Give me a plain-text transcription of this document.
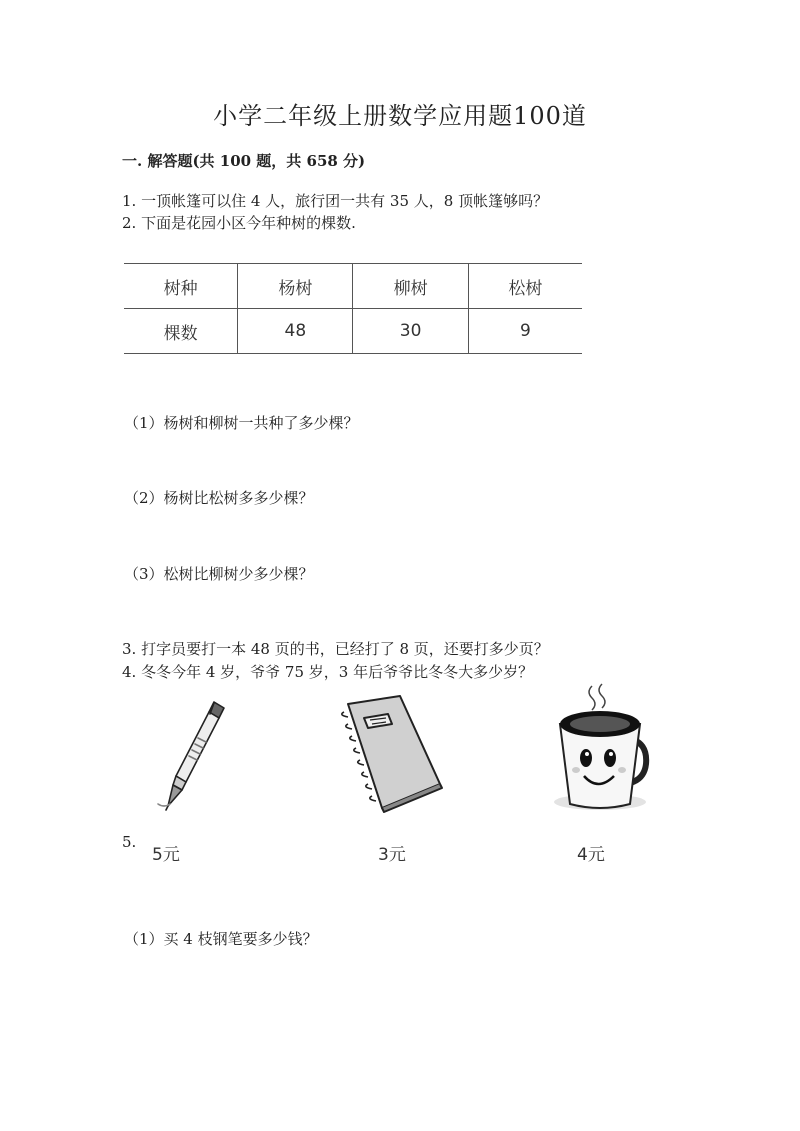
小学二年级上册数学应用题100道
一. 解答题(共 100 题，共 658 分)
1. 一顶帐篷可以住 4 人，旅行团一共有 35 人，8 顶帐篷够吗？
2. 下面是花园小区今年种树的棵数.
树种	杨树	柳树	松树
棵数	48	30	9
（1）杨树和柳树一共种了多少棵？
（2）杨树比松树多多少棵？
（3）松树比柳树少多少棵？
3. 打字员要打一本 48 页的书，已经打了 8 页，还要打多少页？
4. 冬冬今年 4 岁，爷爷 75 岁，3 年后爷爷比冬冬大多少岁？
5.
5元	3元	4元
（1）买 4 枝钢笔要多少钱？
